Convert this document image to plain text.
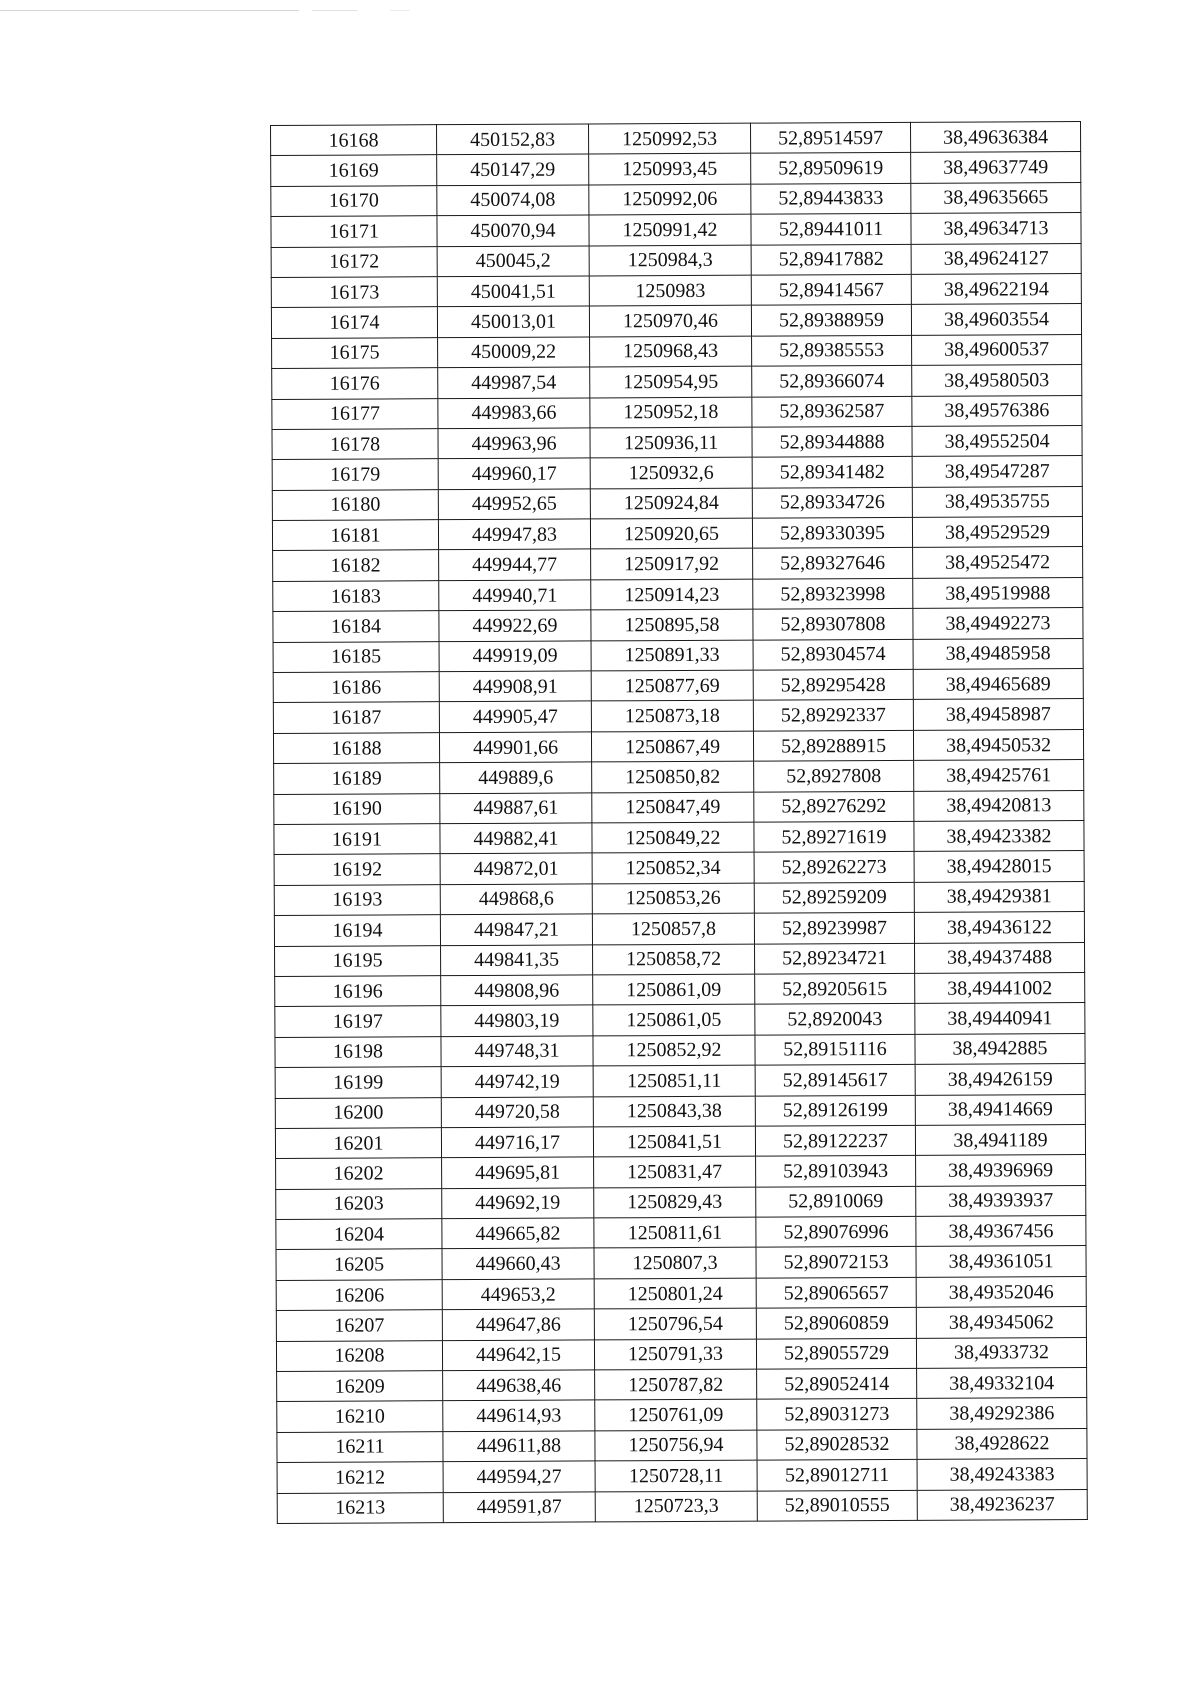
16168	450152,83	1250992,53	52,89514597	38,49636384
16169	450147,29	1250993,45	52,89509619	38,49637749
16170	450074,08	1250992,06	52,89443833	38,49635665
16171	450070,94	1250991,42	52,89441011	38,49634713
16172	450045,2	1250984,3	52,89417882	38,49624127
16173	450041,51	1250983	52,89414567	38,49622194
16174	450013,01	1250970,46	52,89388959	38,49603554
16175	450009,22	1250968,43	52,89385553	38,49600537
16176	449987,54	1250954,95	52,89366074	38,49580503
16177	449983,66	1250952,18	52,89362587	38,49576386
16178	449963,96	1250936,11	52,89344888	38,49552504
16179	449960,17	1250932,6	52,89341482	38,49547287
16180	449952,65	1250924,84	52,89334726	38,49535755
16181	449947,83	1250920,65	52,89330395	38,49529529
16182	449944,77	1250917,92	52,89327646	38,49525472
16183	449940,71	1250914,23	52,89323998	38,49519988
16184	449922,69	1250895,58	52,89307808	38,49492273
16185	449919,09	1250891,33	52,89304574	38,49485958
16186	449908,91	1250877,69	52,89295428	38,49465689
16187	449905,47	1250873,18	52,89292337	38,49458987
16188	449901,66	1250867,49	52,89288915	38,49450532
16189	449889,6	1250850,82	52,8927808	38,49425761
16190	449887,61	1250847,49	52,89276292	38,49420813
16191	449882,41	1250849,22	52,89271619	38,49423382
16192	449872,01	1250852,34	52,89262273	38,49428015
16193	449868,6	1250853,26	52,89259209	38,49429381
16194	449847,21	1250857,8	52,89239987	38,49436122
16195	449841,35	1250858,72	52,89234721	38,49437488
16196	449808,96	1250861,09	52,89205615	38,49441002
16197	449803,19	1250861,05	52,8920043	38,49440941
16198	449748,31	1250852,92	52,89151116	38,4942885
16199	449742,19	1250851,11	52,89145617	38,49426159
16200	449720,58	1250843,38	52,89126199	38,49414669
16201	449716,17	1250841,51	52,89122237	38,4941189
16202	449695,81	1250831,47	52,89103943	38,49396969
16203	449692,19	1250829,43	52,8910069	38,49393937
16204	449665,82	1250811,61	52,89076996	38,49367456
16205	449660,43	1250807,3	52,89072153	38,49361051
16206	449653,2	1250801,24	52,89065657	38,49352046
16207	449647,86	1250796,54	52,89060859	38,49345062
16208	449642,15	1250791,33	52,89055729	38,4933732
16209	449638,46	1250787,82	52,89052414	38,49332104
16210	449614,93	1250761,09	52,89031273	38,49292386
16211	449611,88	1250756,94	52,89028532	38,4928622
16212	449594,27	1250728,11	52,89012711	38,49243383
16213	449591,87	1250723,3	52,89010555	38,49236237
